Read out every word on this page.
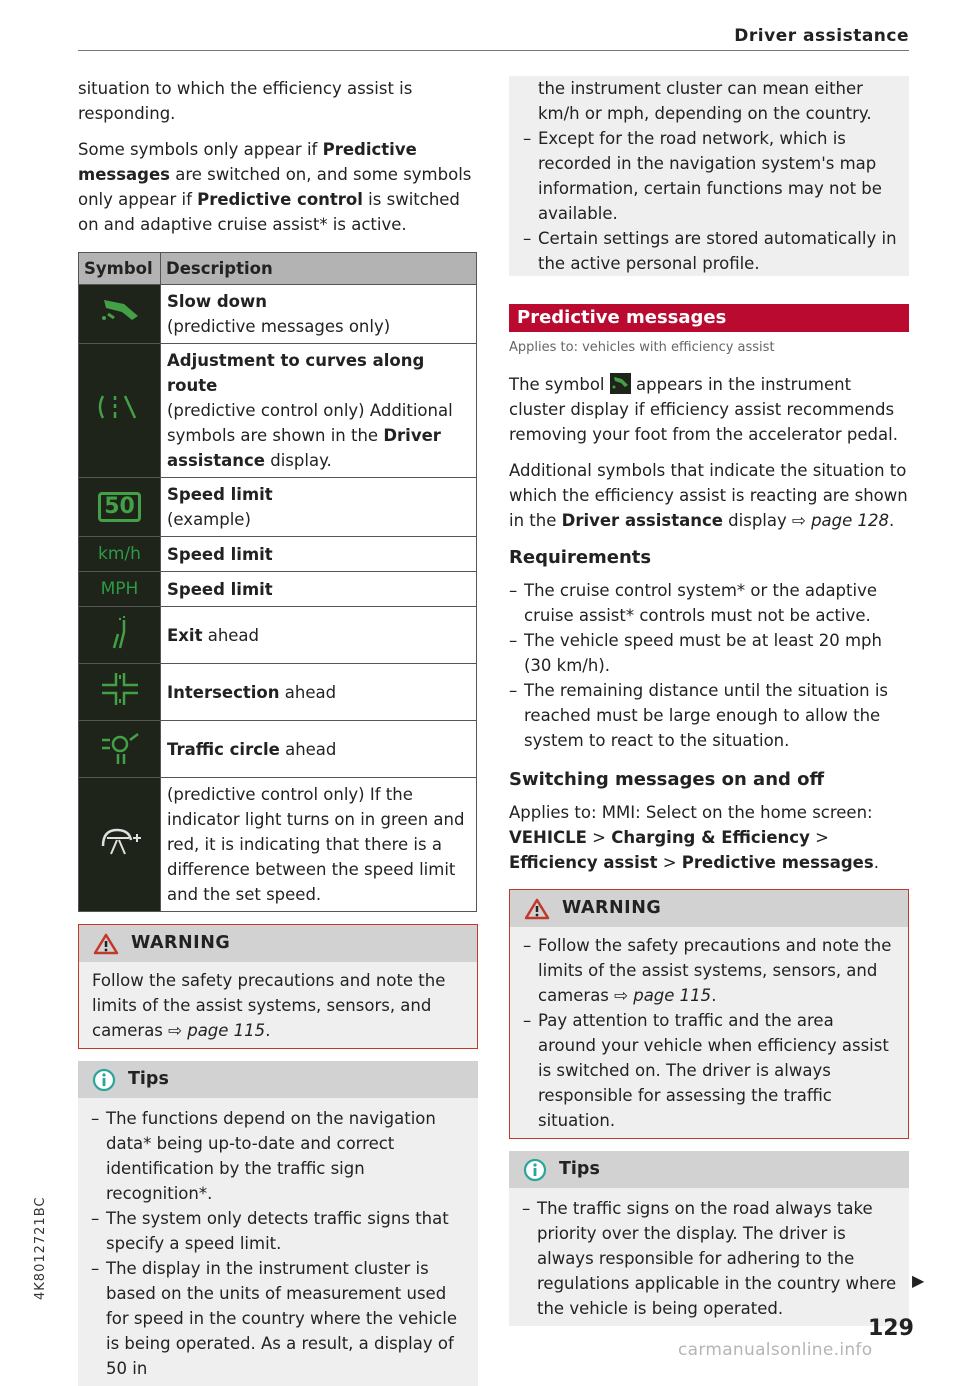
Driver assistance
4K8012721BC

situation to which the efficiency assist is responding.

Some symbols only appear if Predictive messages are switched on, and some symbols only appear if Predictive control is switched on and adaptive cruise assist* is active.

Symbol	Description
	Slow down
(predictive messages only)
	Adjustment to curves along route
(predictive control only) Additional symbols are shown in the Driver assistance display.
50	Speed limit
(example)
km/h	Speed limit
MPH	Speed limit
	Exit ahead
	Intersection ahead
	Traffic circle ahead
	(predictive control only) If the indicator light turns on in green and red, it is indicating that there is a difference between the speed limit and the set speed.
WARNING
Follow the safety precautions and note the limits of the assist systems, sensors, and cameras ⇨ page 115.
Tips
– The functions depend on the navigation data* being up-to-date and correct identification by the traffic sign recognition*.
– The system only detects traffic signs that specify a speed limit.
– The display in the instrument cluster is based on the units of measurement used for speed in the country where the vehicle is being operated. As a result, a display of 50 in

the instrument cluster can mean either km/h or mph, depending on the country.

– Except for the road network, which is recorded in the navigation system's map information, certain functions may not be available.
– Certain settings are stored automatically in the active personal profile.
Predictive messages
Applies to: vehicles with efficiency assist

The symbol  appears in the instrument cluster display if efficiency assist recommends removing your foot from the accelerator pedal.

Additional symbols that indicate the situation to which the efficiency assist is reacting are shown in the Driver assistance display ⇨ page 128.

Requirements
– The cruise control system* or the adaptive cruise assist* controls must not be active.
– The vehicle speed must be at least 20 mph (30 km/h).
– The remaining distance until the situation is reached must be large enough to allow the system to react to the situation.
Switching messages on and off

Applies to: MMI: Select on the home screen: VEHICLE > Charging & Efficiency > Efficiency assist > Predictive messages.

WARNING
– Follow the safety precautions and note the limits of the assist systems, sensors, and cameras ⇨ page 115.
– Pay attention to traffic and the area around your vehicle when efficiency assist is switched on. The driver is always responsible for assessing the traffic situation.
Tips
– The traffic signs on the road always take priority over the display. The driver is always responsible for adhering to the regulations applicable in the country where the vehicle is being operated.
▶
129
carmanualsonline.info
